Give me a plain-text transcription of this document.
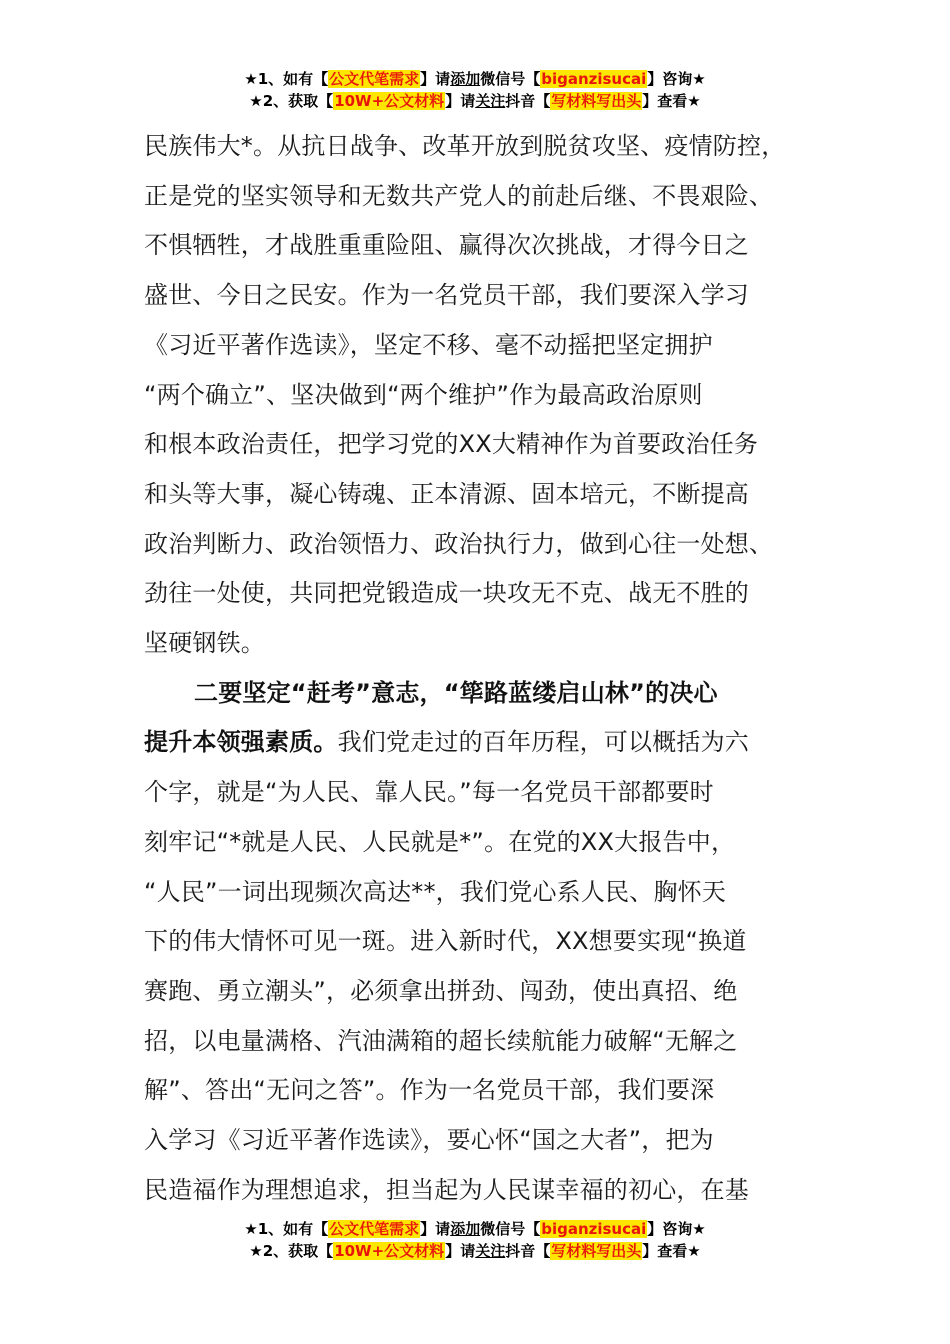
★1、如有【公文代笔需求】请添加微信号【biganzisucai】咨询★
★2、获取【10W+公文材料】请关注抖音【写材料写出头】查看★

民族伟大*。从抗日战争、改革开放到脱贫攻坚、疫情防控，

正是党的坚实领导和无数共产党人的前赴后继、不畏艰险、

不惧牺牲，才战胜重重险阻、赢得次次挑战，才得今日之

盛世、今日之民安。作为一名党员干部，我们要深入学习

《习近平著作选读》，坚定不移、毫不动摇把坚定拥护

“两个确立”、坚决做到“两个维护”作为最高政治原则

和根本政治责任，把学习党的XX大精神作为首要政治任务

和头等大事，凝心铸魂、正本清源、固本培元，不断提高

政治判断力、政治领悟力、政治执行力，做到心往一处想、

劲往一处使，共同把党锻造成一块攻无不克、战无不胜的

坚硬钢铁。

二要坚定“赶考”意志，“筚路蓝缕启山林”的决心

提升本领强素质。我们党走过的百年历程，可以概括为六

个字，就是“为人民、靠人民。”每一名党员干部都要时

刻牢记“*就是人民、人民就是*”。在党的XX大报告中，

“人民”一词出现频次高达**，我们党心系人民、胸怀天

下的伟大情怀可见一斑。进入新时代，XX想要实现“换道

赛跑、勇立潮头”，必须拿出拼劲、闯劲，使出真招、绝

招，以电量满格、汽油满箱的超长续航能力破解“无解之

解”、答出“无问之答”。作为一名党员干部，我们要深

入学习《习近平著作选读》，要心怀“国之大者”，把为

民造福作为理想追求，担当起为人民谋幸福的初心，在基

★1、如有【公文代笔需求】请添加微信号【biganzisucai】咨询★
★2、获取【10W+公文材料】请关注抖音【写材料写出头】查看★
